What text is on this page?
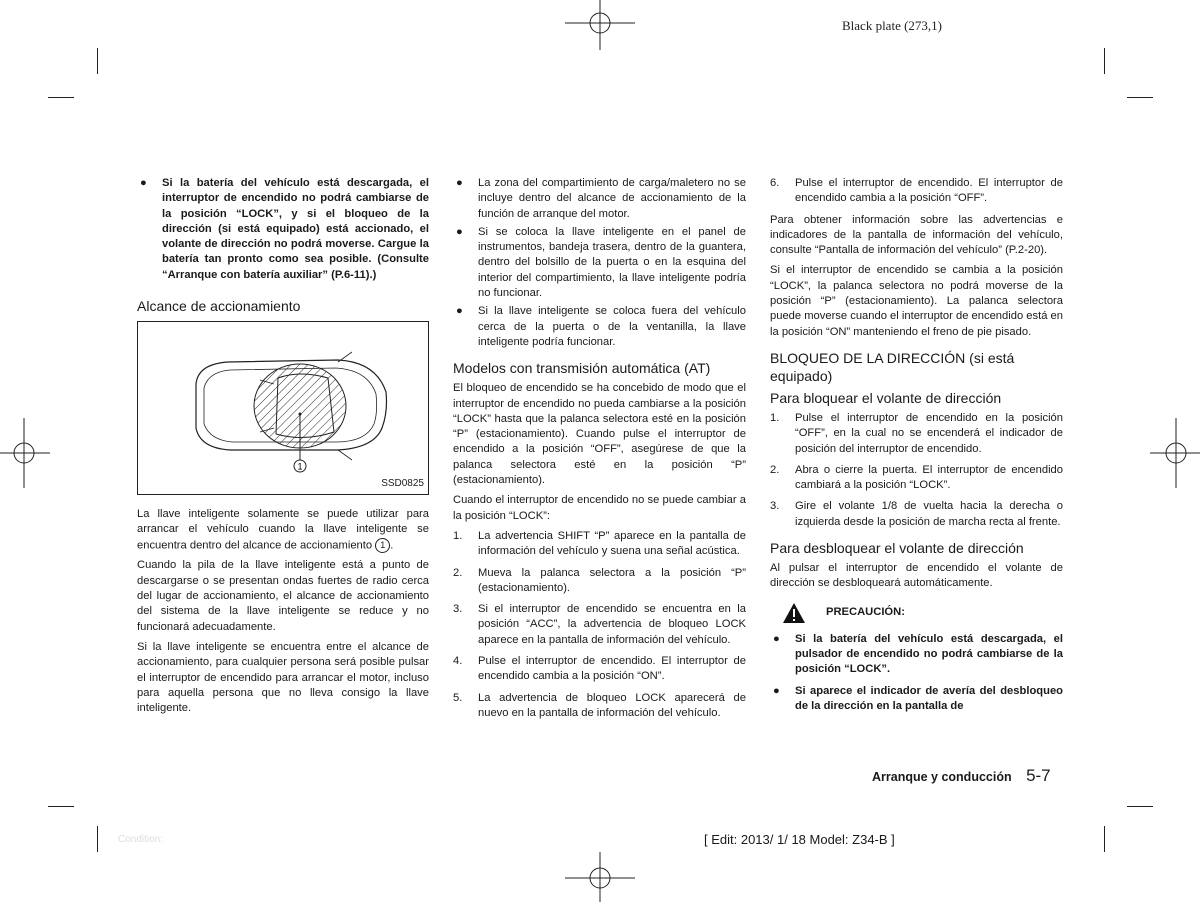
Black plate (273,1)
● Si la batería del vehículo está descargada, el interruptor de encendido no podrá cambiarse de la posición “LOCK”, y si el bloqueo de la dirección (si está equipado) está accionado, el volante de dirección no podrá moverse. Cargue la batería tan pronto como sea posible. (Consulte “Arranque con batería auxiliar” (P.6-11).)
Alcance de accionamiento
1
SSD0825

La llave inteligente solamente se puede utilizar para arrancar el vehículo cuando la llave inteligente se encuentra dentro del alcance de accionamiento 1 .

Cuando la pila de la llave inteligente está a punto de descargarse o se presentan ondas fuertes de radio cerca del lugar de accionamiento, el alcance de accionamiento del sistema de la llave inteligente se reduce y no funcionará adecuadamente.

Si la llave inteligente se encuentra entre el alcance de accionamiento, para cualquier persona será posible pulsar el interruptor de encendido para arrancar el motor, incluso para aquella persona que no lleva consigo la llave inteligente.

● La zona del compartimiento de carga/maletero no se incluye dentro del alcance de accionamiento de la función de arranque del motor.
● Si se coloca la llave inteligente en el panel de instrumentos, bandeja trasera, dentro de la guantera, dentro del bolsillo de la puerta o en la esquina del interior del compartimiento, la llave inteligente podría no funcionar.
● Si la llave inteligente se coloca fuera del vehículo cerca de la puerta o de la ventanilla, la llave inteligente podría funcionar.
Modelos con transmisión automática (AT)

El bloqueo de encendido se ha concebido de modo que el interruptor de encendido no pueda cambiarse a la posición “LOCK” hasta que la palanca selectora esté en la posición “P” (estacionamiento). Cuando pulse el interruptor de encendido a la posición “OFF”, asegúrese de que la palanca selectora esté en la posición “P” (estacionamiento).

Cuando el interruptor de encendido no se puede cambiar a la posición “LOCK”:

1. La advertencia SHIFT “P” aparece en la pantalla de información del vehículo y suena una señal acústica.
2. Mueva la palanca selectora a la posición “P” (estacionamiento).
3. Si el interruptor de encendido se encuentra en la posición “ACC”, la advertencia de bloqueo LOCK aparece en la pantalla de información del vehículo.
4. Pulse el interruptor de encendido. El interruptor de encendido cambia a la posición “ON”.
5. La advertencia de bloqueo LOCK aparecerá de nuevo en la pantalla de información del vehículo.
6. Pulse el interruptor de encendido. El interruptor de encendido cambia a la posición “OFF”.

Para obtener información sobre las advertencias e indicadores de la pantalla de información del vehículo, consulte “Pantalla de información del vehículo” (P.2-20).

Si el interruptor de encendido se cambia a la posición “LOCK”, la palanca selectora no podrá moverse de la posición “P” (estacionamiento). La palanca selectora puede moverse cuando el interruptor de encendido está en la posición “ON” manteniendo el freno de pie pisado.

BLOQUEO DE LA DIRECCIÓN (si está equipado)
Para bloquear el volante de dirección
1. Pulse el interruptor de encendido en la posición “OFF”, en la cual no se encenderá el indicador de posición del interruptor de encendido.
2. Abra o cierre la puerta. El interruptor de encendido cambiará a la posición “LOCK”.
3. Gire el volante 1/8 de vuelta hacia la derecha o izquierda desde la posición de marcha recta al frente.
Para desbloquear el volante de dirección

Al pulsar el interruptor de encendido el volante de dirección se desbloqueará automáticamente.

PRECAUCIÓN:
● Si la batería del vehículo está descargada, el pulsador de encendido no podrá cambiarse de la posición “LOCK”.
● Si aparece el indicador de avería del desbloqueo de la dirección en la pantalla de
Arranque y conducción 5-7
Condition:	[ Edit: 2013/ 1/ 18 Model: Z34-B ]
